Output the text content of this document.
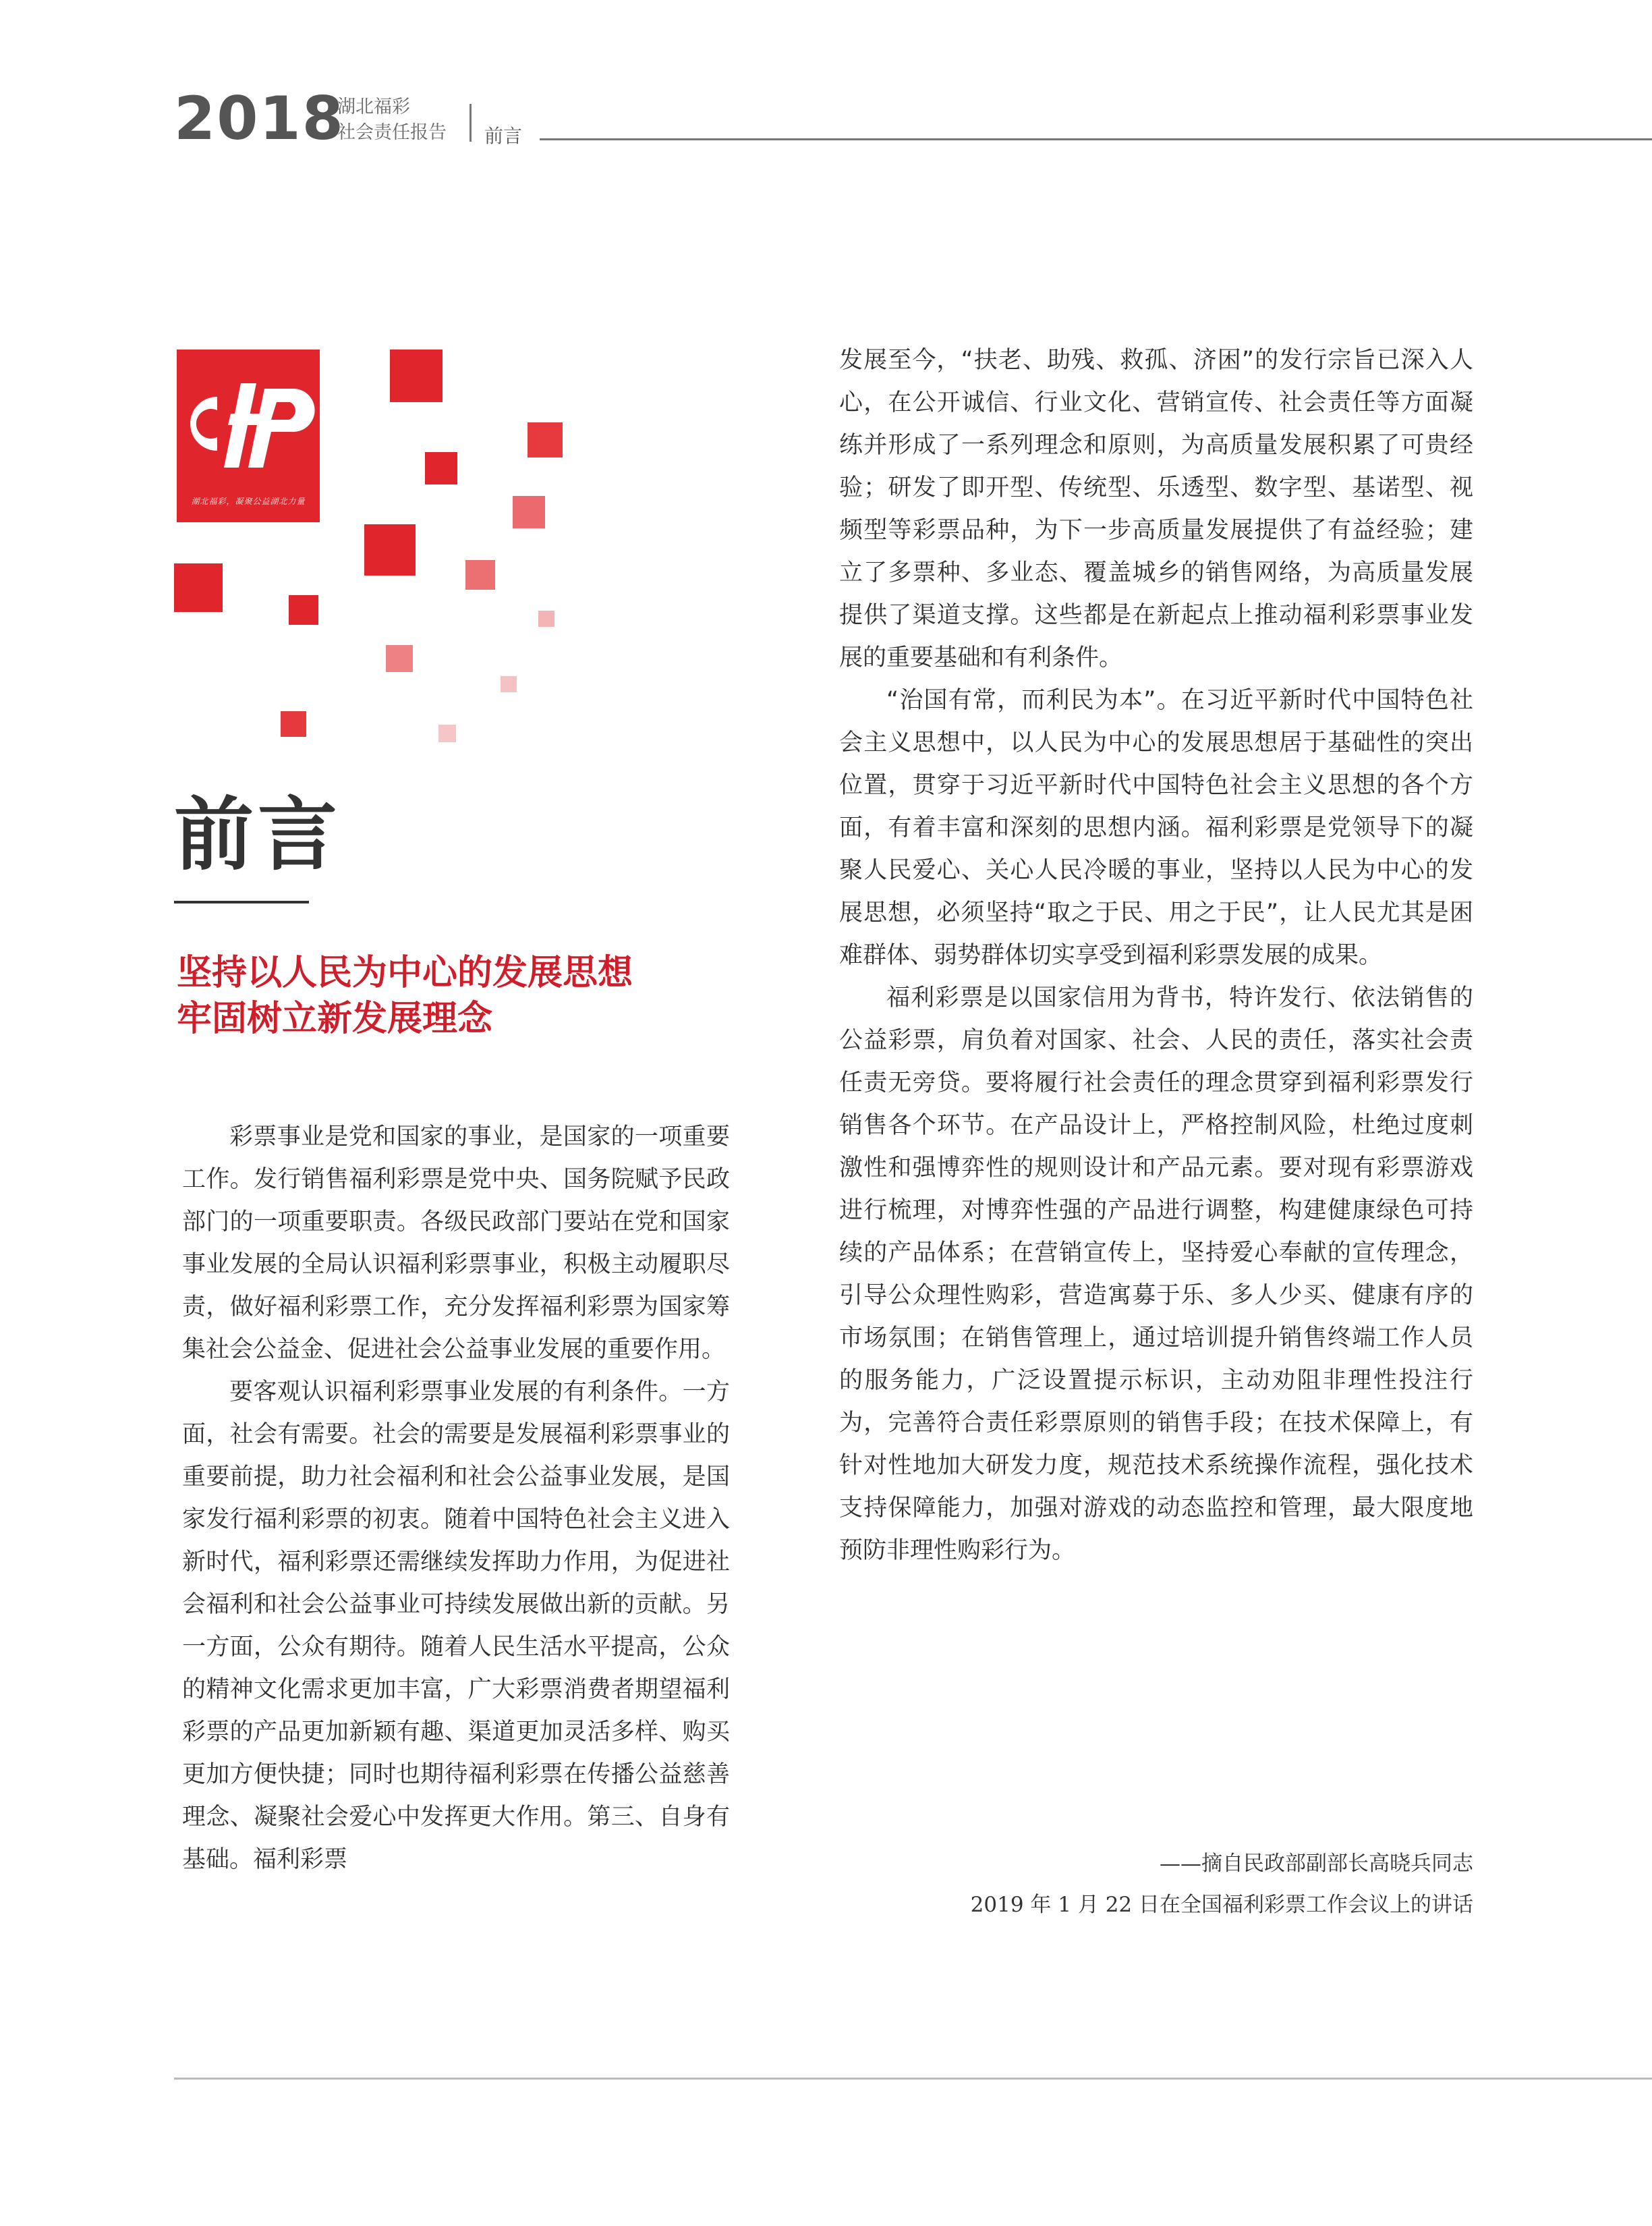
2018
湖北福彩
社会责任报告 前言
湖北福彩，凝聚公益湖北力量
前言
坚持以人民为中心的发展思想
牢固树立新发展理念

彩票事业是党和国家的事业，是国家的一项重要工作。发行销售福利彩票是党中央、国务院赋予民政部门的一项重要职责。各级民政部门要站在党和国家事业发展的全局认识福利彩票事业，积极主动履职尽责，做好福利彩票工作，充分发挥福利彩票为国家筹集社会公益金、促进社会公益事业发展的重要作用。

要客观认识福利彩票事业发展的有利条件。一方面，社会有需要。社会的需要是发展福利彩票事业的重要前提，助力社会福利和社会公益事业发展，是国家发行福利彩票的初衷。随着中国特色社会主义进入新时代，福利彩票还需继续发挥助力作用，为促进社会福利和社会公益事业可持续发展做出新的贡献。另一方面，公众有期待。随着人民生活水平提高，公众的精神文化需求更加丰富，广大彩票消费者期望福利彩票的产品更加新颖有趣、渠道更加灵活多样、购买更加方便快捷；同时也期待福利彩票在传播公益慈善理念、凝聚社会爱心中发挥更大作用。第三、自身有基础。福利彩票

发展至今，“扶老、助残、救孤、济困”的发行宗旨已深入人心，在公开诚信、行业文化、营销宣传、社会责任等方面凝练并形成了一系列理念和原则，为高质量发展积累了可贵经验；研发了即开型、传统型、乐透型、数字型、基诺型、视频型等彩票品种，为下一步高质量发展提供了有益经验；建立了多票种、多业态、覆盖城乡的销售网络，为高质量发展提供了渠道支撑。这些都是在新起点上推动福利彩票事业发展的重要基础和有利条件。

“治国有常，而利民为本”。在习近平新时代中国特色社会主义思想中，以人民为中心的发展思想居于基础性的突出位置，贯穿于习近平新时代中国特色社会主义思想的各个方面，有着丰富和深刻的思想内涵。福利彩票是党领导下的凝聚人民爱心、关心人民冷暖的事业，坚持以人民为中心的发展思想，必须坚持“取之于民、用之于民”，让人民尤其是困难群体、弱势群体切实享受到福利彩票发展的成果。

福利彩票是以国家信用为背书，特许发行、依法销售的公益彩票，肩负着对国家、社会、人民的责任，落实社会责任责无旁贷。要将履行社会责任的理念贯穿到福利彩票发行销售各个环节。在产品设计上，严格控制风险，杜绝过度刺激性和强博弈性的规则设计和产品元素。要对现有彩票游戏进行梳理，对博弈性强的产品进行调整，构建健康绿色可持续的产品体系；在营销宣传上，坚持爱心奉献的宣传理念，引导公众理性购彩，营造寓募于乐、多人少买、健康有序的市场氛围；在销售管理上，通过培训提升销售终端工作人员的服务能力，广泛设置提示标识，主动劝阻非理性投注行为，完善符合责任彩票原则的销售手段；在技术保障上，有针对性地加大研发力度，规范技术系统操作流程，强化技术支持保障能力，加强对游戏的动态监控和管理，最大限度地预防非理性购彩行为。

——摘自民政部副部长高晓兵同志
2019 年 1 月 22 日在全国福利彩票工作会议上的讲话
